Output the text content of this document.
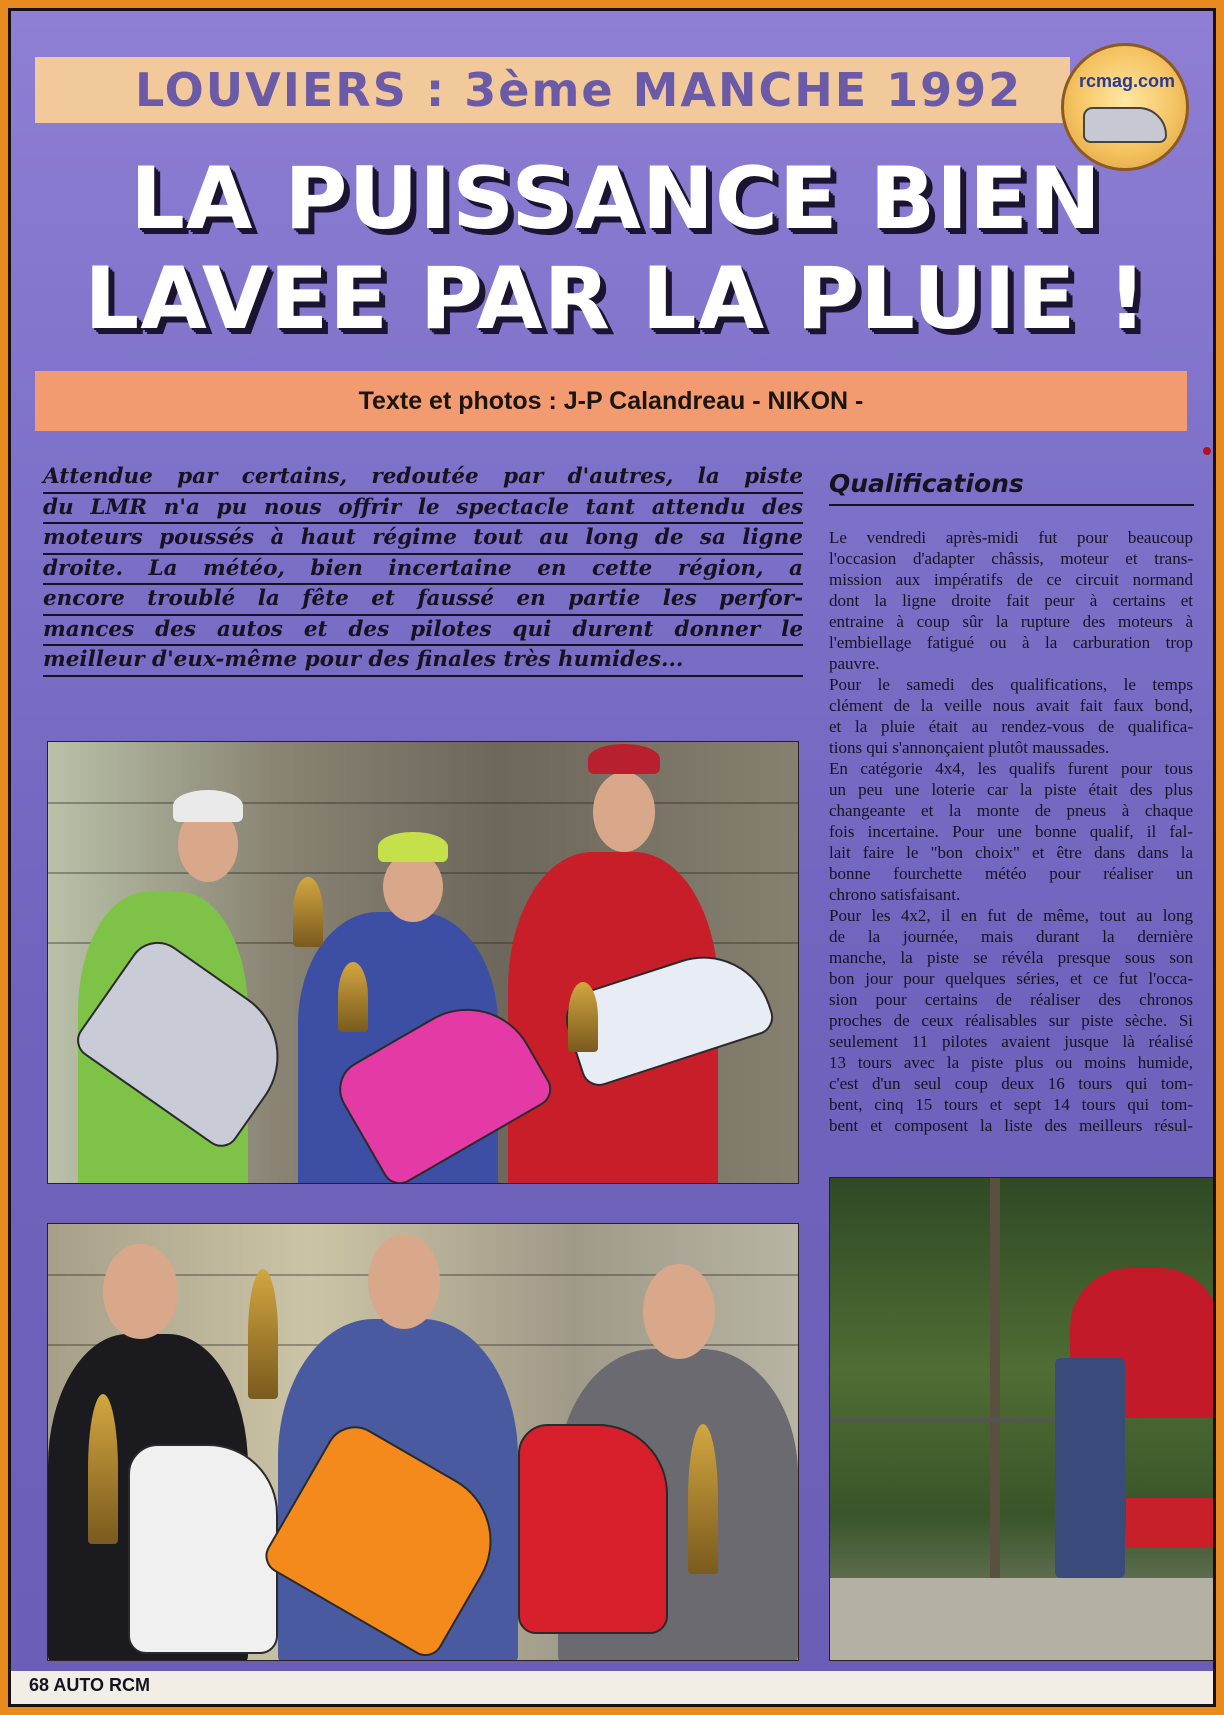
LOUVIERS : 3ème MANCHE 1992	rcmag.com
LA PUISSANCE BIEN
LAVEE PAR LA PLUIE !
Texte et photos : J-P Calandreau - NIKON -
Attendue par certains, redoutée par d'autres, la piste
du LMR n'a pu nous offrir le spectacle tant attendu des
moteurs poussés à haut régime tout au long de sa ligne
droite. La météo, bien incertaine en cette région, a
encore troublé la fête et faussé en partie les perfor-
mances des autos et des pilotes qui durent donner le
meilleur d'eux-même pour des finales très humides...
Qualifications
Le vendredi après-midi fut pour beaucoup
l'occasion d'adapter châssis, moteur et trans-
mission aux impératifs de ce circuit normand
dont la ligne droite fait peur à certains et
entraine à coup sûr la rupture des moteurs à
l'embiellage fatigué ou à la carburation trop
pauvre.
Pour le samedi des qualifications, le temps
clément de la veille nous avait fait faux bond,
et la pluie était au rendez-vous de qualifica-
tions qui s'annonçaient plutôt maussades.
En catégorie 4x4, les qualifs furent pour tous
un peu une loterie car la piste était des plus
changeante et la monte de pneus à chaque
fois incertaine. Pour une bonne qualif, il fal-
lait faire le "bon choix" et être dans dans la
bonne fourchette météo pour réaliser un
chrono satisfaisant.
Pour les 4x2, il en fut de même, tout au long
de la journée, mais durant la dernière
manche, la piste se révéla presque sous son
bon jour pour quelques séries, et ce fut l'occa-
sion pour certains de réaliser des chronos
proches de ceux réalisables sur piste sèche. Si
seulement 11 pilotes avaient jusque là réalisé
13 tours avec la piste plus ou moins humide,
c'est d'un seul coup deux 16 tours qui tom-
bent, cinq 15 tours et sept 14 tours qui tom-
bent et composent la liste des meilleurs résul-
68 AUTO RCM
